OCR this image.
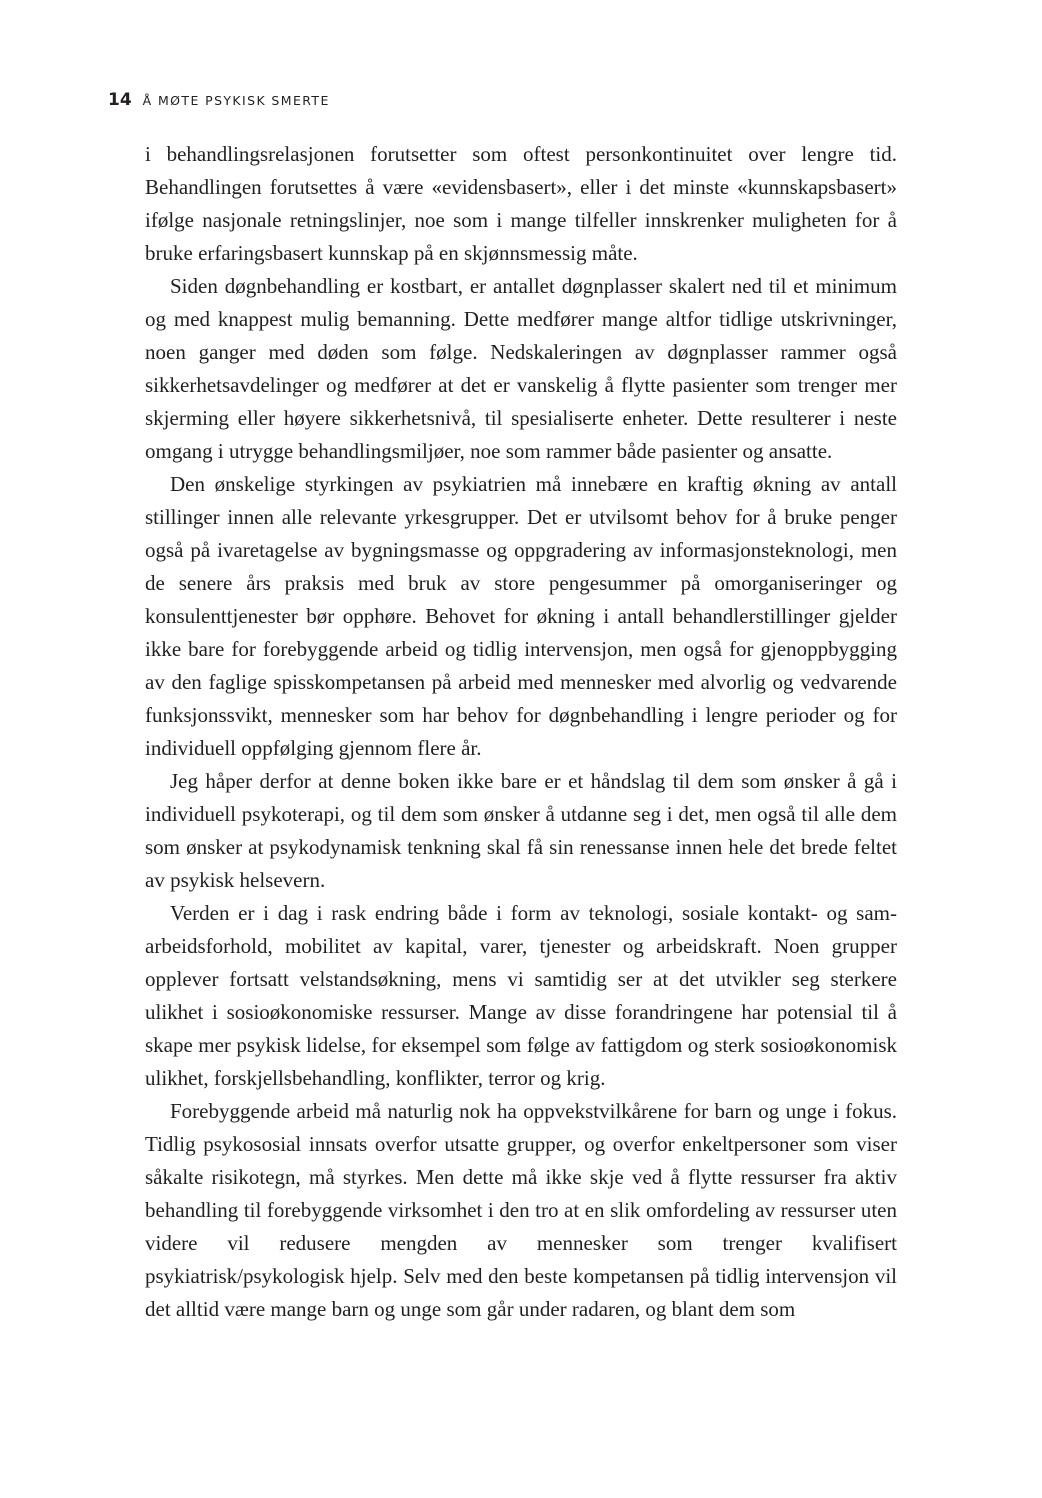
14 Å MØTE PSYKISK SMERTE

i behandlingsrelasjonen forutsetter som oftest personkontinuitet over lengre tid. Behandlingen forutsettes å være «evidensbasert», eller i det minste «kunnskapsbasert» ifølge nasjonale retningslinjer, noe som i mange tilfeller innskrenker muligheten for å bruke erfaringsbasert kunnskap på en skjønnsmessig måte.

Siden døgnbehandling er kostbart, er antallet døgnplasser skalert ned til et minimum og med knappest mulig bemanning. Dette medfører mange altfor tidlige utskrivninger, noen ganger med døden som følge. Nedskaleringen av døgnplasser rammer også sikkerhetsavdelinger og medfører at det er vanskelig å flytte pasienter som trenger mer skjerming eller høyere sikkerhetsnivå, til spesialiserte enheter. Dette resulterer i neste omgang i utrygge behandlingsmiljøer, noe som rammer både pasienter og ansatte.

Den ønskelige styrkingen av psykiatrien må innebære en kraftig økning av antall stillinger innen alle relevante yrkesgrupper. Det er utvilsomt behov for å bruke penger også på ivaretagelse av bygningsmasse og oppgradering av informasjonsteknologi, men de senere års praksis med bruk av store pengesummer på omorganiseringer og konsulenttjenester bør opphøre. Behovet for økning i antall behandlerstillinger gjelder ikke bare for forebyggende arbeid og tidlig intervensjon, men også for gjenoppbygging av den faglige spisskompetansen på arbeid med mennesker med alvorlig og vedvarende funksjonssvikt, mennesker som har behov for døgnbehandling i lengre perioder og for individuell oppfølging gjennom flere år.

Jeg håper derfor at denne boken ikke bare er et håndslag til dem som ønsker å gå i individuell psykoterapi, og til dem som ønsker å utdanne seg i det, men også til alle dem som ønsker at psykodynamisk tenkning skal få sin renessanse innen hele det brede feltet av psykisk helsevern.

Verden er i dag i rask endring både i form av teknologi, sosiale kontakt- og samarbeidsforhold, mobilitet av kapital, varer, tjenester og arbeidskraft. Noen grupper opplever fortsatt velstandsøkning, mens vi samtidig ser at det utvikler seg sterkere ulikhet i sosioøkonomiske ressurser. Mange av disse forandringene har potensial til å skape mer psykisk lidelse, for eksempel som følge av fattigdom og sterk sosioøkonomisk ulikhet, forskjellsbehandling, konflikter, terror og krig.

Forebyggende arbeid må naturlig nok ha oppvekstvilkårene for barn og unge i fokus. Tidlig psykososial innsats overfor utsatte grupper, og overfor enkeltpersoner som viser såkalte risikotegn, må styrkes. Men dette må ikke skje ved å flytte ressurser fra aktiv behandling til forebyggende virksomhet i den tro at en slik omfordeling av ressurser uten videre vil redusere mengden av mennesker som trenger kvalifisert psykiatrisk/psykologisk hjelp. Selv med den beste kompetansen på tidlig intervensjon vil det alltid være mange barn og unge som går under radaren, og blant dem som
